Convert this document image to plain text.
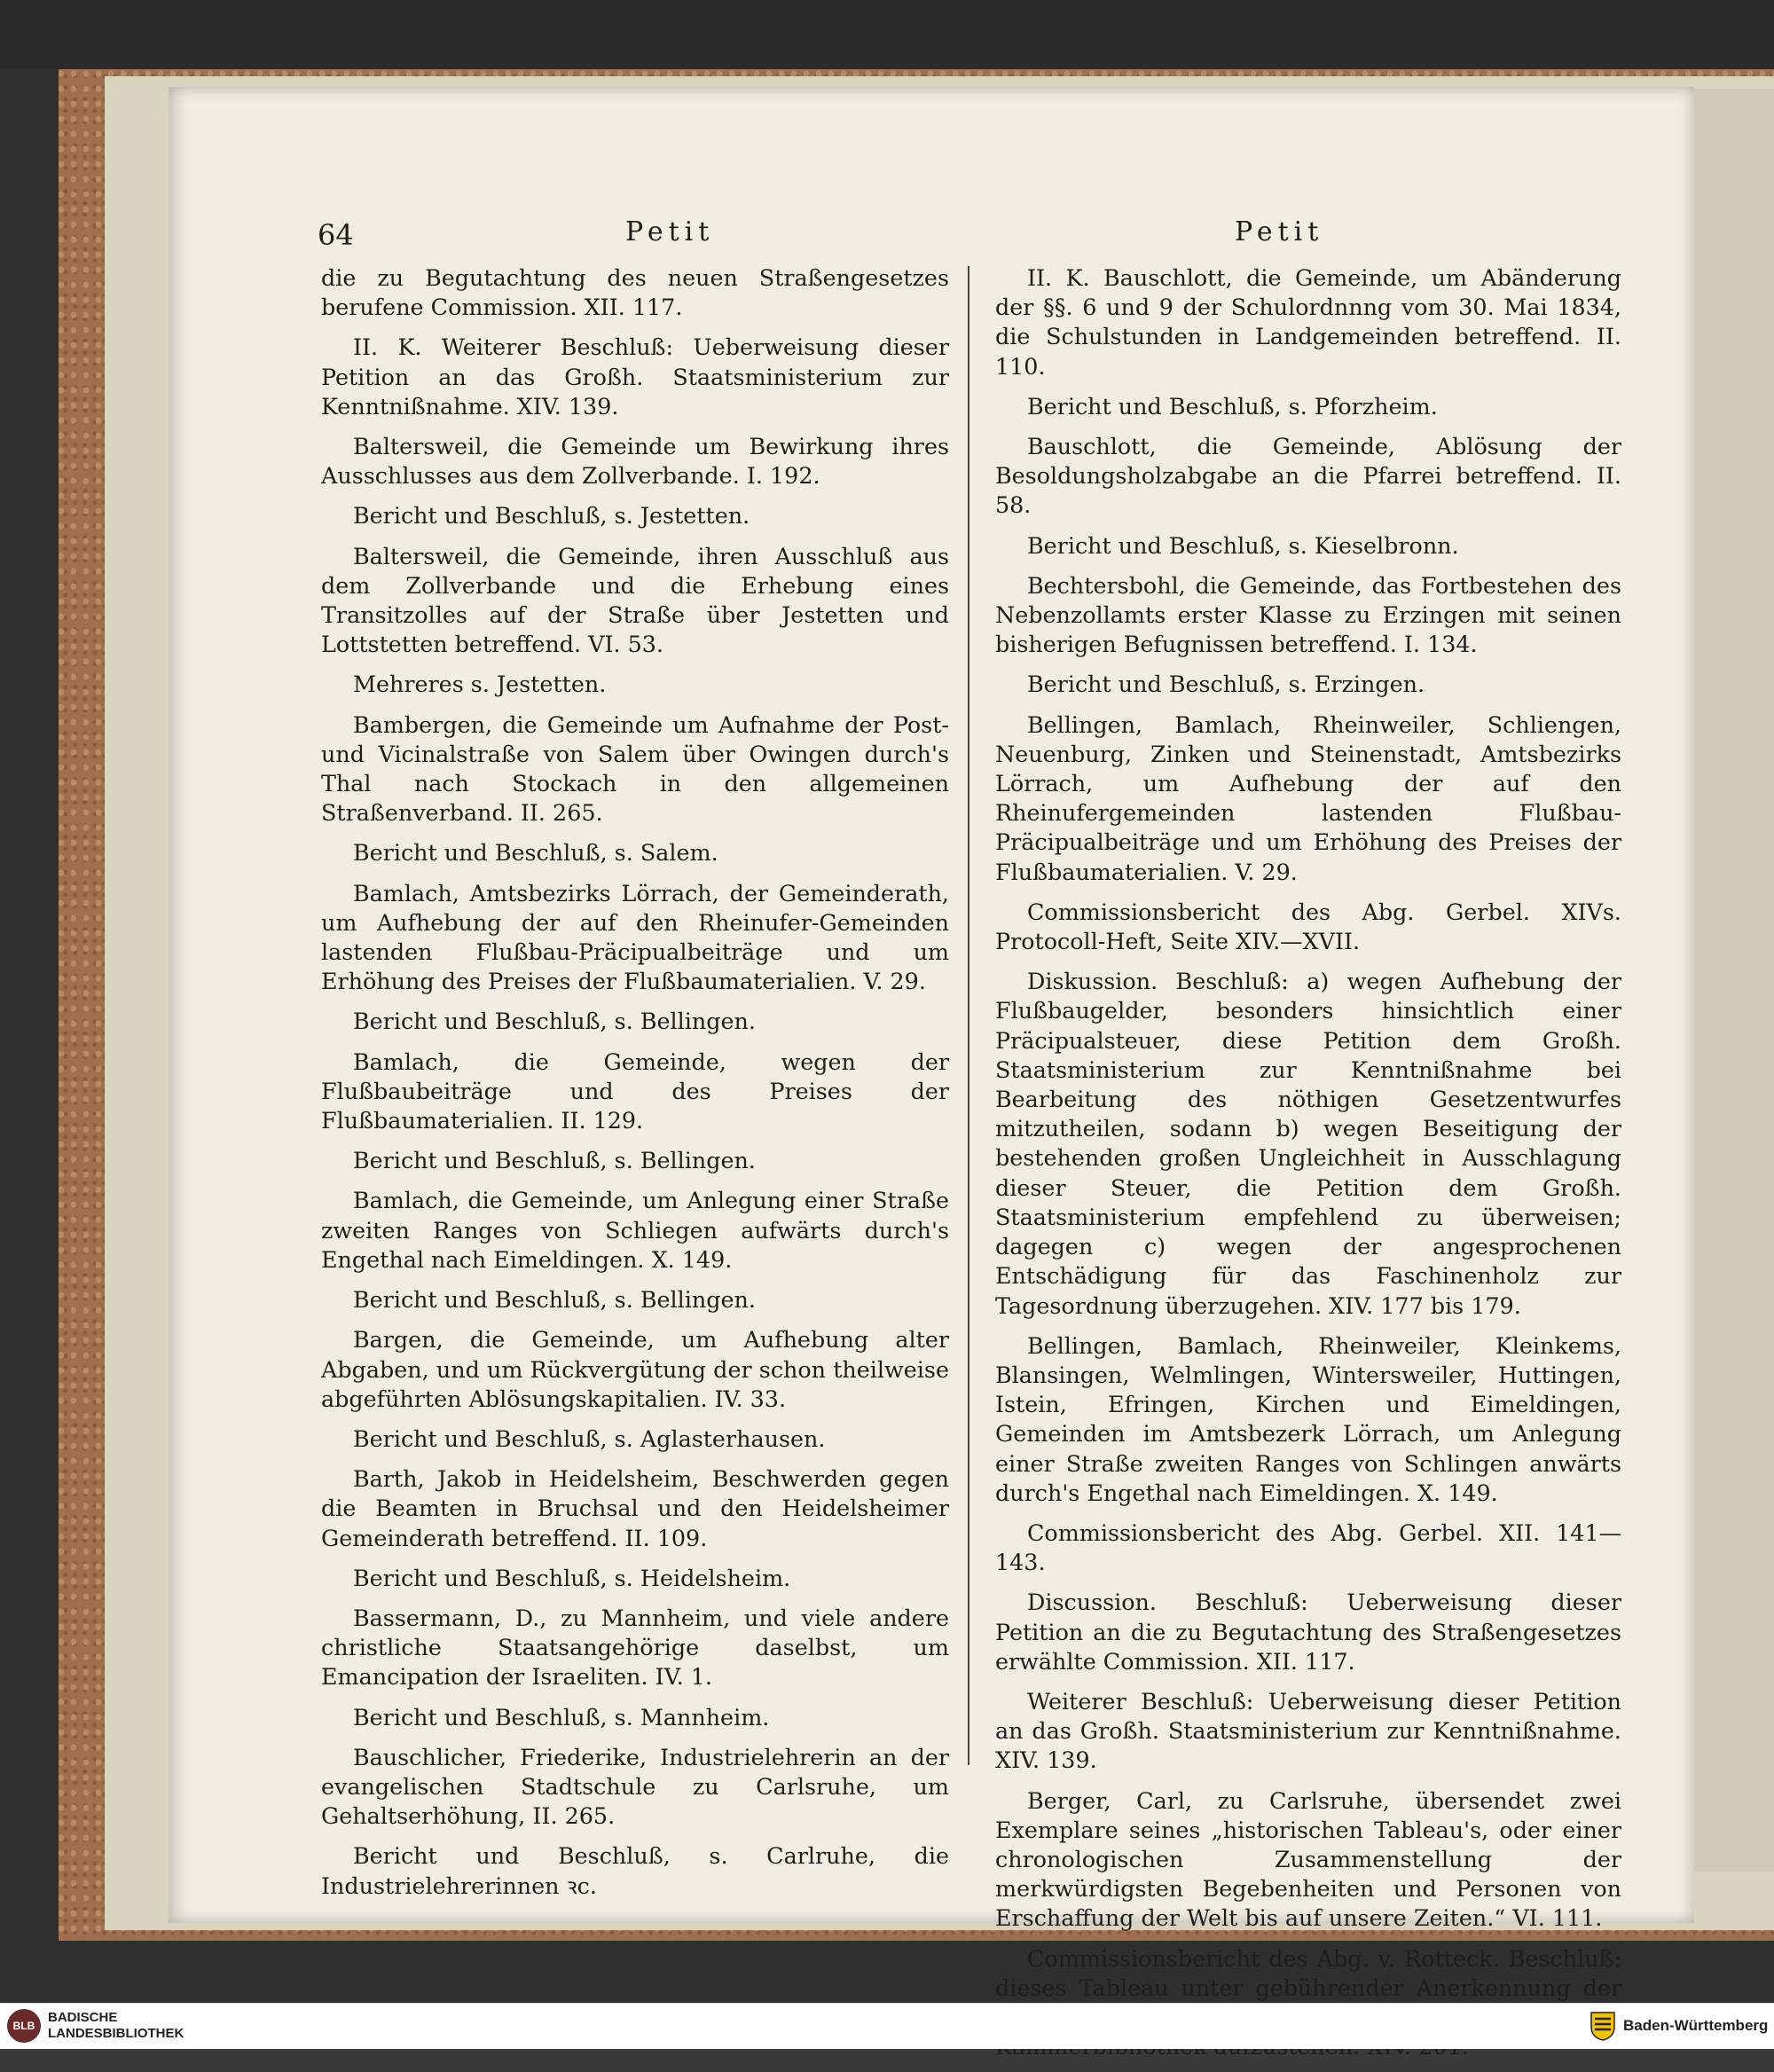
64	Petit	Petit

die zu Begutachtung des neuen Straßengesetzes berufene Commission. XII. 117.

II. K. Weiterer Beschluß: Ueberweisung dieser Petition an das Großh. Staatsministerium zur Kenntnißnahme. XIV. 139.

Baltersweil, die Gemeinde um Bewirkung ihres Ausschlusses aus dem Zollverbande. I. 192.

Bericht und Beschluß, s. Jestetten.

Baltersweil, die Gemeinde, ihren Ausschluß aus dem Zollverbande und die Erhebung eines Transitzolles auf der Straße über Jestetten und Lottstetten betreffend. VI. 53.

Mehreres s. Jestetten.

Bambergen, die Gemeinde um Aufnahme der Post- und Vicinalstraße von Salem über Owingen durch's Thal nach Stockach in den allgemeinen Straßenverband. II. 265.

Bericht und Beschluß, s. Salem.

Bamlach, Amtsbezirks Lörrach, der Gemeinderath, um Aufhebung der auf den Rheinufer-Gemeinden lastenden Flußbau-Präcipualbeiträge und um Erhöhung des Preises der Flußbaumaterialien. V. 29.

Bericht und Beschluß, s. Bellingen.

Bamlach, die Gemeinde, wegen der Flußbaubeiträge und des Preises der Flußbaumaterialien. II. 129.

Bericht und Beschluß, s. Bellingen.

Bamlach, die Gemeinde, um Anlegung einer Straße zweiten Ranges von Schliegen aufwärts durch's Engethal nach Eimeldingen. X. 149.

Bericht und Beschluß, s. Bellingen.

Bargen, die Gemeinde, um Aufhebung alter Abgaben, und um Rückvergütung der schon theilweise abgeführten Ablösungskapitalien. IV. 33.

Bericht und Beschluß, s. Aglasterhausen.

Barth, Jakob in Heidelsheim, Beschwerden gegen die Beamten in Bruchsal und den Heidelsheimer Gemeinderath betreffend. II. 109.

Bericht und Beschluß, s. Heidelsheim.

Bassermann, D., zu Mannheim, und viele andere christliche Staatsangehörige daselbst, um Emancipation der Israeliten. IV. 1.

Bericht und Beschluß, s. Mannheim.

Bauschlicher, Friederike, Industrielehrerin an der evangelischen Stadtschule zu Carlsruhe, um Gehaltserhöhung, II. 265.

Bericht und Beschluß, s. Carlruhe, die Industrielehrerinnen ꝛc.

II. K. Bauschlott, die Gemeinde, um Abänderung der §§. 6 und 9 der Schulordnnng vom 30. Mai 1834, die Schulstunden in Landgemeinden betreffend. II. 110.

Bericht und Beschluß, s. Pforzheim.

Bauschlott, die Gemeinde, Ablösung der Besoldungsholzabgabe an die Pfarrei betreffend. II. 58.

Bericht und Beschluß, s. Kieselbronn.

Bechtersbohl, die Gemeinde, das Fortbestehen des Nebenzollamts erster Klasse zu Erzingen mit seinen bisherigen Befugnissen betreffend. I. 134.

Bericht und Beschluß, s. Erzingen.

Bellingen, Bamlach, Rheinweiler, Schliengen, Neuenburg, Zinken und Steinenstadt, Amtsbezirks Lörrach, um Aufhebung der auf den Rheinufergemeinden lastenden Flußbau-Präcipualbeiträge und um Erhöhung des Preises der Flußbaumaterialien. V. 29.

Commissionsbericht des Abg. Gerbel. XIVs. Protocoll-Heft, Seite XIV.—XVII.

Diskussion. Beschluß: a) wegen Aufhebung der Flußbaugelder, besonders hinsichtlich einer Präcipualsteuer, diese Petition dem Großh. Staatsministerium zur Kenntnißnahme bei Bearbeitung des nöthigen Gesetzentwurfes mitzutheilen, sodann b) wegen Beseitigung der bestehenden großen Ungleichheit in Ausschlagung dieser Steuer, die Petition dem Großh. Staatsministerium empfehlend zu überweisen; dagegen c) wegen der angesprochenen Entschädigung für das Faschinenholz zur Tagesordnung überzugehen. XIV. 177 bis 179.

Bellingen, Bamlach, Rheinweiler, Kleinkems, Blansingen, Welmlingen, Wintersweiler, Huttingen, Istein, Efringen, Kirchen und Eimeldingen, Gemeinden im Amtsbezerk Lörrach, um Anlegung einer Straße zweiten Ranges von Schlingen anwärts durch's Engethal nach Eimeldingen. X. 149.

Commissionsbericht des Abg. Gerbel. XII. 141—143.

Discussion. Beschluß: Ueberweisung dieser Petition an die zu Begutachtung des Straßengesetzes erwählte Commission. XII. 117.

Weiterer Beschluß: Ueberweisung dieser Petition an das Großh. Staatsministerium zur Kenntnißnahme. XIV. 139.

Berger, Carl, zu Carlsruhe, übersendet zwei Exemplare seines „historischen Tableau's, oder einer chronologischen Zusammenstellung der merkwürdigsten Begebenheiten und Personen von Erschaffung der Welt bis auf unsere Zeiten.“ VI. 111.

Commissionsbericht des Abg. v. Rotteck. Beschluß: dieses Tableau unter gebührender Anerkennung der

BLB
BADISCHE
LANDESBIBLIOTHEK	Baden-Württemberg
